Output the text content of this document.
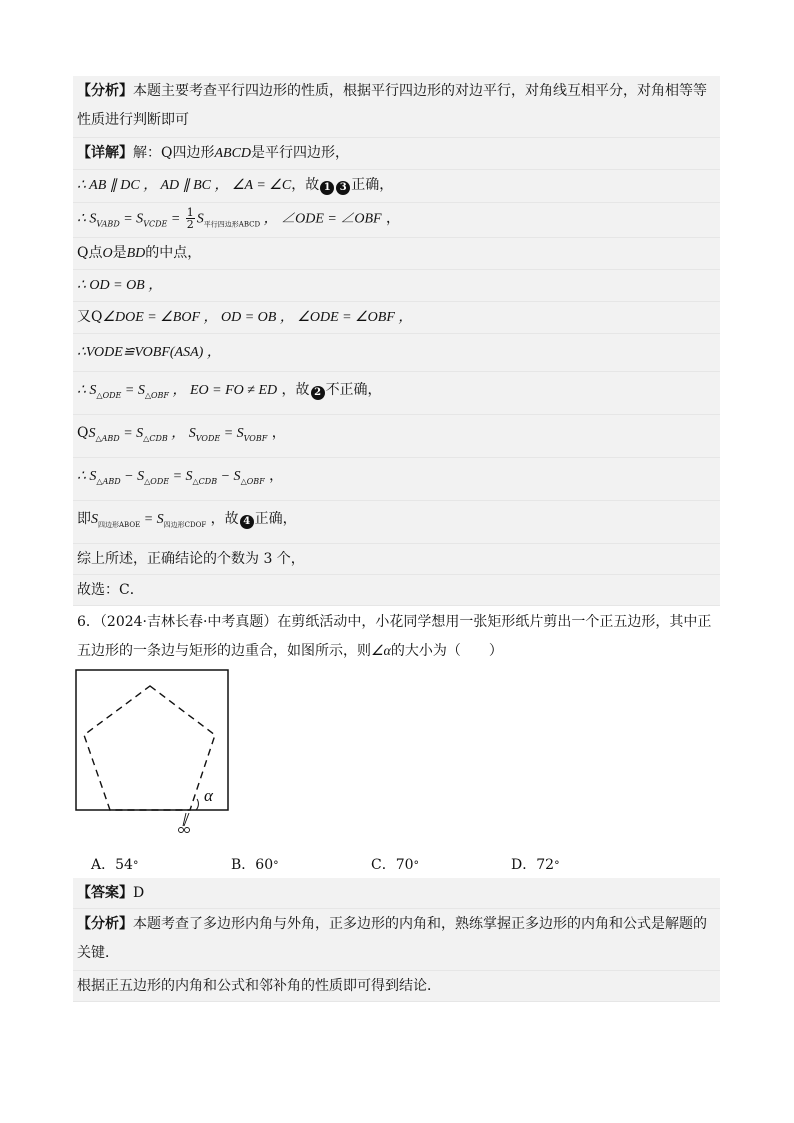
【分析】本题主要考查平行四边形的性质，根据平行四边形的对边平行，对角线互相平分，对角相等等性质进行判断即可
【详解】解：Q四边形ABCD是平行四边形，
∴ AB ∥ DC ， AD ∥ BC ， ∠A = ∠C，故 1 3 正确，
∴ $S_{VABD} = S_{VCDE} = \frac{1}{2} S_{平行四边形ABCD}$ ， ∠ODE = ∠OBF ，
Q点O是BD的中点，
∴ OD = OB ，
又Q∠DOE = ∠BOF ， OD = OB ， ∠ODE = ∠OBF ，
∴VODE≌VOBF(ASA) ，
∴ $S_{\triangle ODE} = S_{\triangle OBF}$ ， EO = FO ≠ ED ，故 2 不正确，
$QS_{\triangle ABD} = S_{\triangle CDB}$ ， $S_{VODE} = S_{VOBF}$ ，
∴ $S_{\triangle ABD} - S_{\triangle ODE} = S_{\triangle CDB} - S_{\triangle OBF}$ ，
即$S_{四边形ABOE} = S_{四边形CDOF}$ ，故 4 正确，
综上所述，正确结论的个数为 3 个，
故选：C．
6．（2024·吉林长春·中考真题）在剪纸活动中，小花同学想用一张矩形纸片剪出一个正五边形，其中正五边形的一条边与矩形的边重合，如图所示，则∠α的大小为（　　）
α
A．54°	B．60°	C．70°	D．72°
【答案】D
【分析】本题考查了多边形内角与外角，正多边形的内角和，熟练掌握正多边形的内角和公式是解题的关键．
根据正五边形的内角和公式和邻补角的性质即可得到结论．
